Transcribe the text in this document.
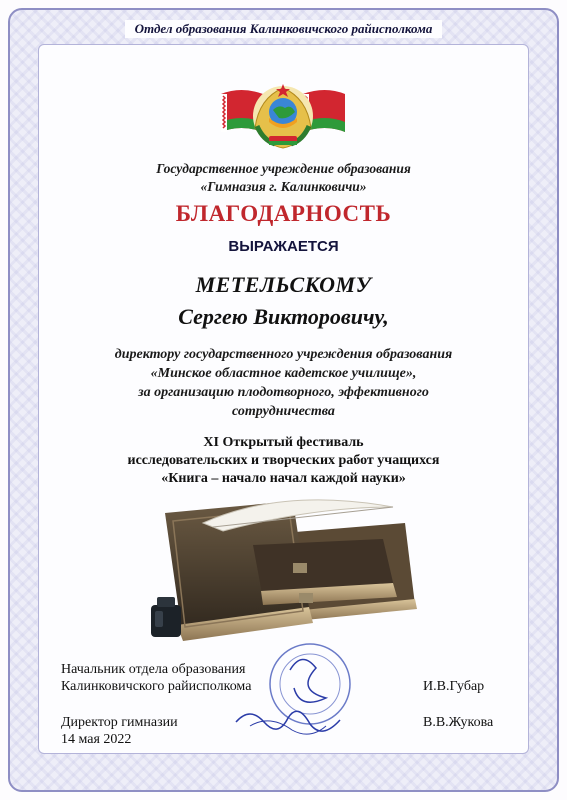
Отдел образования Калинковичского райисполкома
Государственное учреждение образования
«Гимназия г. Калинковичи»
БЛАГОДАРНОСТЬ
ВЫРАЖАЕТСЯ
МЕТЕЛЬСКОМУ
Сергею Викторовичу,
директору государственного учреждения образования
«Минское областное кадетское училище»,
за организацию плодотворного, эффективного
сотрудничества
XI Открытый фестиваль
исследовательских и творческих работ учащихся
«Книга – начало начал каждой науки»
Начальник отдела образования
Калинковичского райисполкома	И.В.Губар
Директор гимназии
14 мая 2022
В.В.Жукова
